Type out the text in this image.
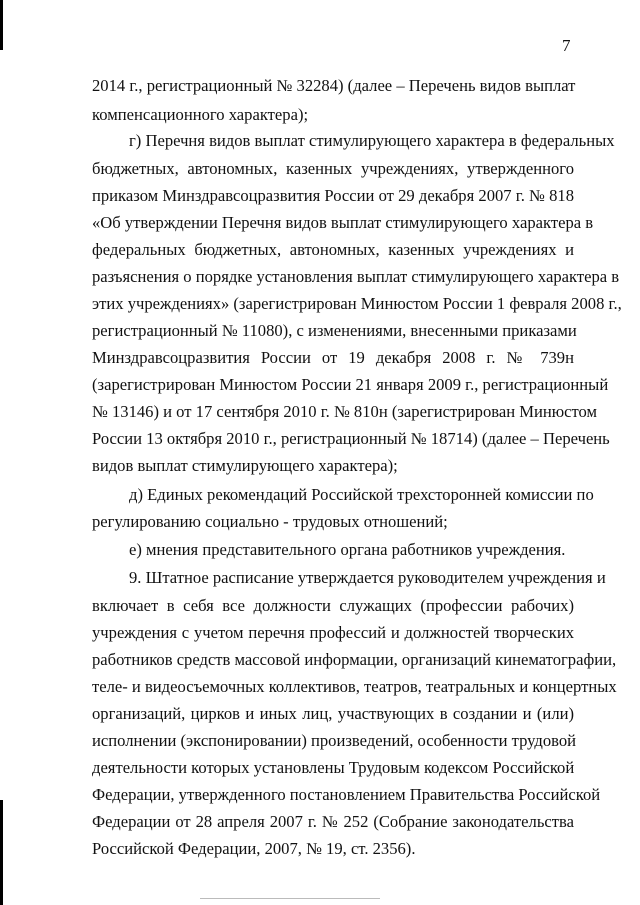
7
2014 г., регистрационный № 32284) (далее – Перечень видов выплат
компенсационного характера);
г) Перечня видов выплат стимулирующего характера в федеральных
бюджетных, автономных, казенных учреждениях, утвержденного
приказом Минздравсоцразвития России от 29 декабря 2007 г. № 818
«Об утверждении Перечня видов выплат стимулирующего характера в
федеральных бюджетных, автономных, казенных учреждениях и
разъяснения о порядке установления выплат стимулирующего характера в
этих учреждениях» (зарегистрирован Минюстом России 1 февраля 2008 г.,
регистрационный № 11080), с изменениями, внесенными приказами
Минздравсоцразвития России от 19 декабря 2008 г. № 739н
(зарегистрирован Минюстом России 21 января 2009 г., регистрационный
№ 13146) и от 17 сентября 2010 г. № 810н (зарегистрирован Минюстом
России 13 октября 2010 г., регистрационный № 18714) (далее – Перечень
видов выплат стимулирующего характера);
д) Единых рекомендаций Российской трехсторонней комиссии по
регулированию социально - трудовых отношений;
е) мнения представительного органа работников учреждения.
9. Штатное расписание утверждается руководителем учреждения и
включает в себя все должности служащих (профессии рабочих)
учреждения с учетом перечня профессий и должностей творческих
работников средств массовой информации, организаций кинематографии,
теле- и видеосъемочных коллективов, театров, театральных и концертных
организаций, цирков и иных лиц, участвующих в создании и (или)
исполнении (экспонировании) произведений, особенности трудовой
деятельности которых установлены Трудовым кодексом Российской
Федерации, утвержденного постановлением Правительства Российской
Федерации от 28 апреля 2007 г. № 252 (Собрание законодательства
Российской Федерации, 2007, № 19, ст. 2356).
